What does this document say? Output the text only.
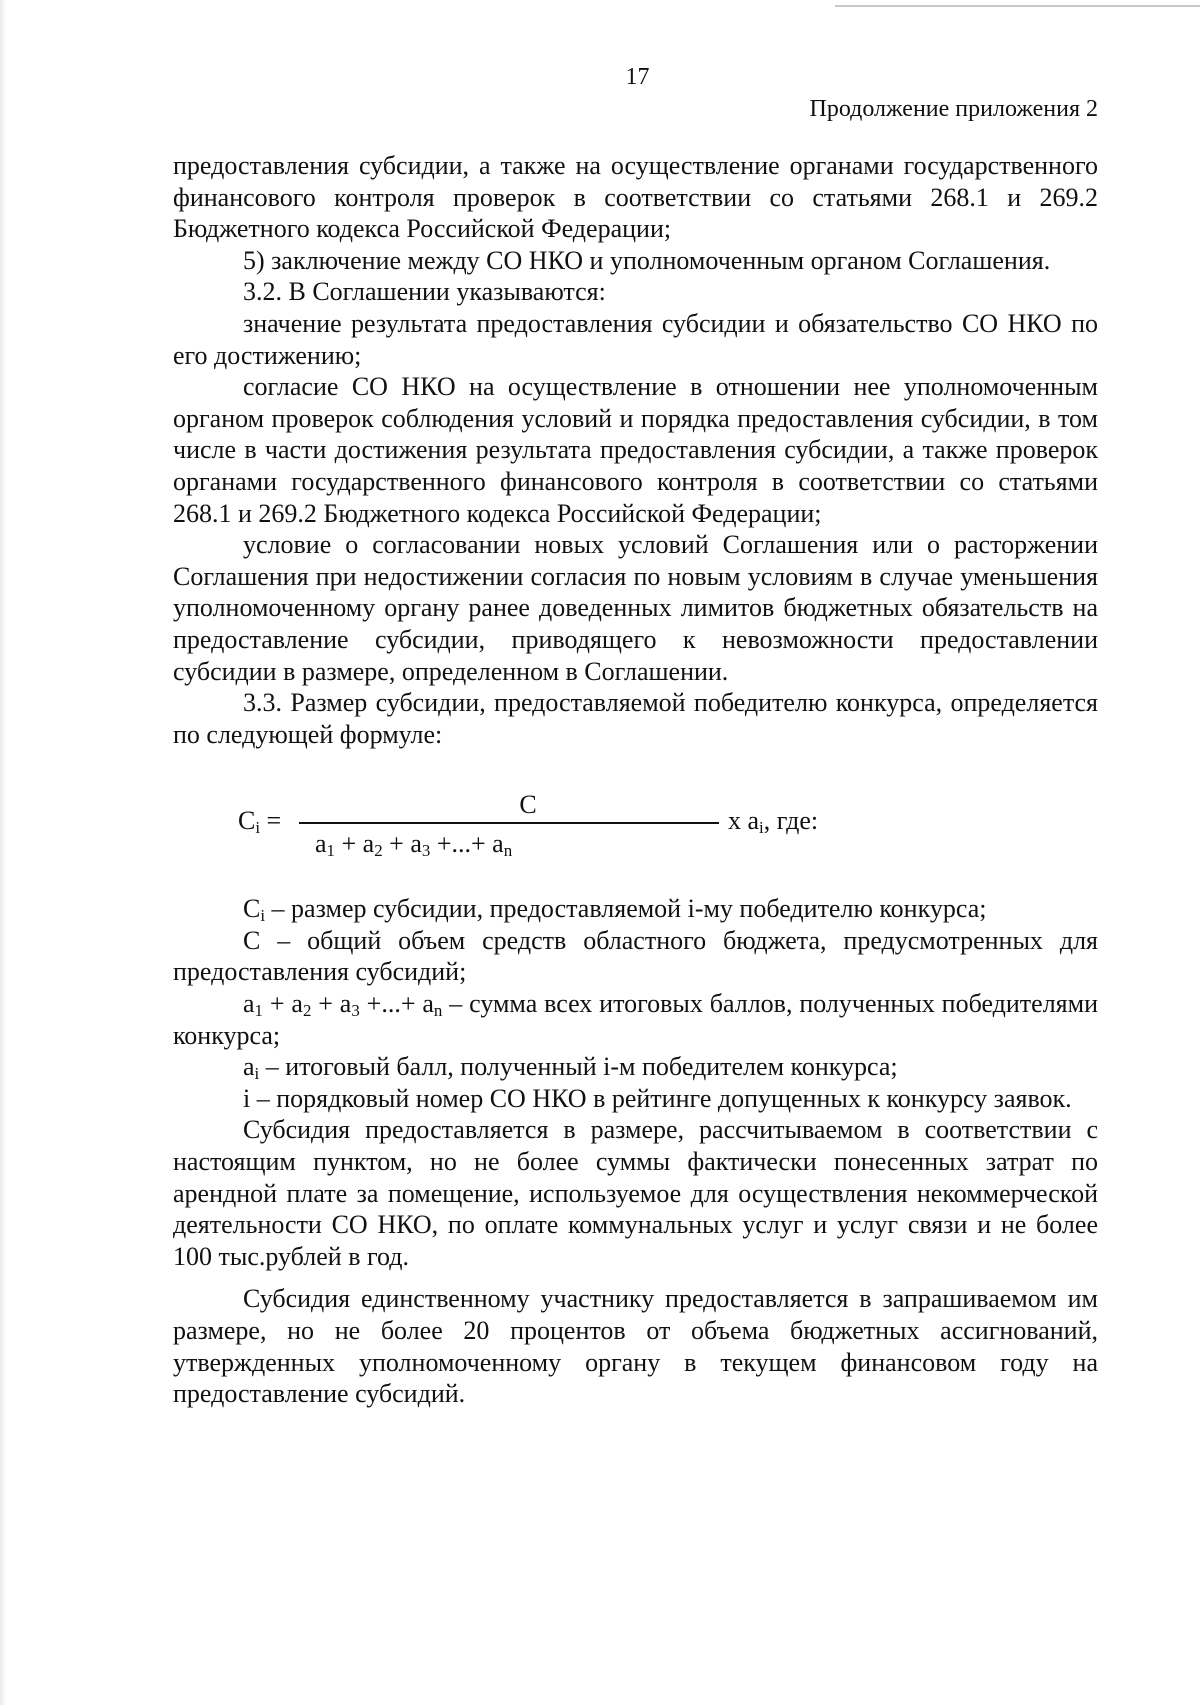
17
Продолжение приложения 2

предоставления субсидии, а также на осуществление органами государственного финансового контроля проверок в соответствии со статьями 268.1 и 269.2 Бюджетного кодекса Российской Федерации;

5) заключение между СО НКО и уполномоченным органом Соглашения.

3.2. В Соглашении указываются:

значение результата предоставления субсидии и обязательство СО НКО по его достижению;

согласие СО НКО на осуществление в отношении нее уполномоченным органом проверок соблюдения условий и порядка предоставления субсидии, в том числе в части достижения результата предоставления субсидии, а также проверок органами государственного финансового контроля в соответствии со статьями 268.1 и 269.2 Бюджетного кодекса Российской Федерации;

условие о согласовании новых условий Соглашения или о расторжении Соглашения при недостижении согласия по новым условиям в случае уменьшения уполномоченному органу ранее доведенных лимитов бюджетных обязательств на предоставление субсидии, приводящего к невозможности предоставлении субсидии в размере, определенном в Соглашении.

3.3. Размер субсидии, предоставляемой победителю конкурса, определяется по следующей формуле:

$C_i$ =
C
$a_1 + a_2 + a_3$ +...+ $a_n$
x $a_i$, где:

$C_i$ – размер субсидии, предоставляемой i-му победителю конкурса;

С – общий объем средств областного бюджета, предусмотренных для предоставления субсидий;

$a_1 + a_2 + a_3$ +...+ $a_n$ – сумма всех итоговых баллов, полученных победителями конкурса;

$a_i$ – итоговый балл, полученный i-м победителем конкурса;

i – порядковый номер СО НКО в рейтинге допущенных к конкурсу заявок.

Субсидия предоставляется в размере, рассчитываемом в соответствии с настоящим пунктом, но не более суммы фактически понесенных затрат по арендной плате за помещение, используемое для осуществления некоммерческой деятельности СО НКО, по оплате коммунальных услуг и услуг связи и не более 100 тыс.рублей в год.

Субсидия единственному участнику предоставляется в запрашиваемом им размере, но не более 20 процентов от объема бюджетных ассигнований, утвержденных уполномоченному органу в текущем финансовом году на предоставление субсидий.
